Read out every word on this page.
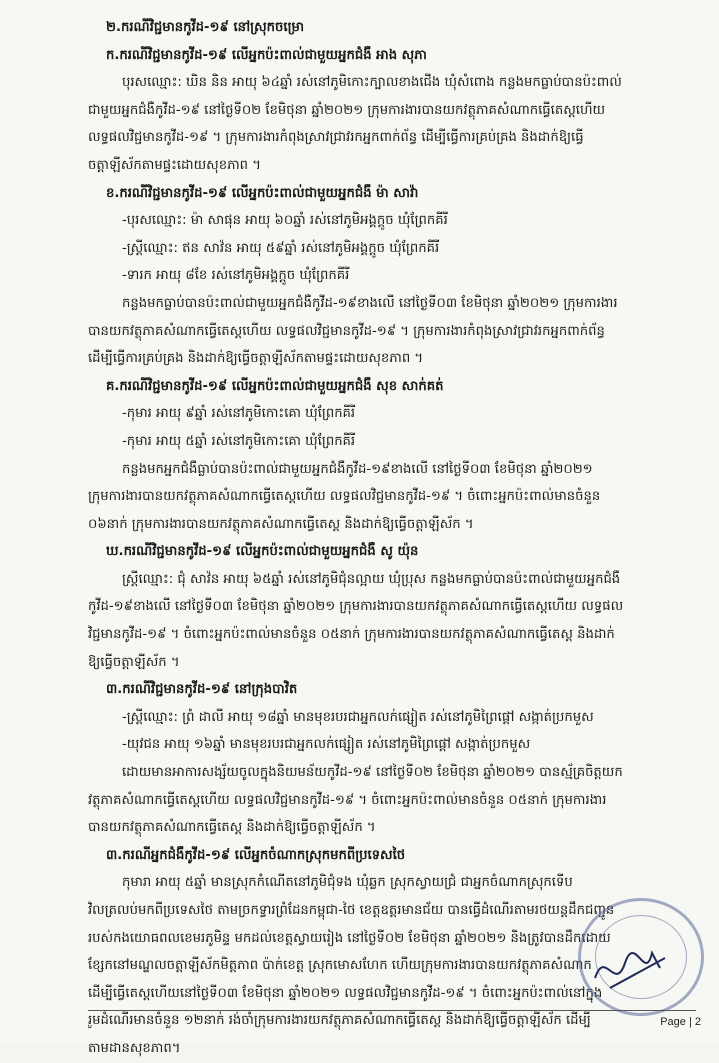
២.ករណីវិជ្ជមានកូវីដ-១៩ នៅស្រុកចម្រោ
ក.ករណីវិជ្ជមានកូវីដ-១៩ លើអ្នកប៉ះពាល់ជាមួយអ្នកជំងឺ អាង សុភា
បុរសឈ្មោះ: ឃិន និន អាយុ ៦៤ឆ្នាំ រស់នៅភូមិកោះក្បាលខាងជើង ឃុំសំពោង កន្លងមកធ្លាប់បានប៉ះពាល់
ជាមួយអ្នកជំងឺកូវីដ-១៩ នៅថ្ងៃទី០២ ខែមិថុនា ឆ្នាំ២០២១ ក្រុមការងារបានយកវត្ថុភាគសំណាកធ្វើតេស្តហើយ
លទ្ធផលវិជ្ជមានកូវីដ-១៩ ។ ក្រុមការងារកំពុងស្រាវជ្រាវរកអ្នកពាក់ព័ន្ធ ដើម្បីធ្វើការគ្រប់គ្រង និងដាក់ឱ្យធ្វើ
ចត្តាឡីស័កតាមផ្ទះដោយសុខភាព ។
ខ.ករណីវិជ្ជមានកូវីដ-១៩ លើអ្នកប៉ះពាល់ជាមួយអ្នកជំងឺ ម៉ា សាវ៉ា
-បុរសឈ្មោះ: ម៉ា សាផុន អាយុ ៦០ឆ្នាំ រស់នៅភូមិអង្គក្ដូច ឃុំព្រែកគីរី
-ស្ត្រីឈ្មោះ: ឥន សាវ៉ន អាយុ ៥៩ឆ្នាំ រស់នៅភូមិអង្គក្ដូច ឃុំព្រែកគីរី
-ទារក អាយុ ៨ខែ រស់នៅភូមិអង្គក្ដូច ឃុំព្រែកគីរី
កន្លងមកធ្លាប់បានប៉ះពាល់ជាមួយអ្នកជំងឺកូវីដ-១៩ខាងលើ នៅថ្ងៃទី០៣ ខែមិថុនា ឆ្នាំ២០២១ ក្រុមការងារ
បានយកវត្ថុភាគសំណាកធ្វើតេស្តហើយ លទ្ធផលវិជ្ជមានកូវីដ-១៩ ។ ក្រុមការងារកំពុងស្រាវជ្រាវរកអ្នកពាក់ព័ន្ធ
ដើម្បីធ្វើការគ្រប់គ្រង និងដាក់ឱ្យធ្វើចត្តាឡីស័កតាមផ្ទះដោយសុខភាព ។
គ.ករណីវិជ្ជមានកូវីដ-១៩ លើអ្នកប៉ះពាល់ជាមួយអ្នកជំងឺ សុខ សាក់គត់
-កុមារ អាយុ ៩ឆ្នាំ រស់នៅភូមិកោះគោ ឃុំព្រែកគីរី
-កុមារ អាយុ ៥ឆ្នាំ រស់នៅភូមិកោះគោ ឃុំព្រែកគីរី
កន្លងមកអ្នកជំងឺធ្លាប់បានប៉ះពាល់ជាមួយអ្នកជំងឺកូវីដ-១៩ខាងលើ នៅថ្ងៃទី០៣ ខែមិថុនា ឆ្នាំ២០២១
ក្រុមការងារបានយកវត្ថុភាគសំណាកធ្វើតេស្តហើយ លទ្ធផលវិជ្ជមានកូវីដ-១៩ ។ ចំពោះអ្នកប៉ះពាល់មានចំនួន
០៦នាក់ ក្រុមការងារបានយកវត្ថុភាគសំណាកធ្វើតេស្ត និងដាក់ឱ្យធ្វើចត្តាឡីស័ក ។
ឃ.ករណីវិជ្ជមានកូវីដ-១៩ លើអ្នកប៉ះពាល់ជាមួយអ្នកជំងឺ សូ យ៉ុន
ស្ត្រីឈ្មោះ: ជុំ សាវ៉ន អាយុ ៦៥ឆ្នាំ រស់នៅភូមិជុំនល្អាយ ឃុំប្រុស កន្លងមកធ្លាប់បានប៉ះពាល់ជាមួយអ្នកជំងឺ
កូវីដ-១៩ខាងលើ នៅថ្ងៃទី០៣ ខែមិថុនា ឆ្នាំ២០២១ ក្រុមការងារបានយកវត្ថុភាគសំណាកធ្វើតេស្តហើយ លទ្ធផល
វិជ្ជមានកូវីដ-១៩ ។ ចំពោះអ្នកប៉ះពាល់មានចំនួន ០៥នាក់ ក្រុមការងារបានយកវត្ថុភាគសំណាកធ្វើតេស្ត និងដាក់
ឱ្យធ្វើចត្តាឡីស័ក ។
៣.ករណីវិជ្ជមានកូវីដ-១៩ នៅក្រុងបាវិត
-ស្ត្រីឈ្មោះ: ព្រំ ដាលី អាយុ ១៨ឆ្នាំ មានមុខរបរជាអ្នកលក់ផ្សៀត រស់នៅភូមិព្រៃផ្ដៅ សង្កាត់ប្រកមួស
-យុវជន អាយុ ១៦ឆ្នាំ មានមុខរបរជាអ្នកលក់ផ្សៀត រស់នៅភូមិព្រៃផ្ដៅ សង្កាត់ប្រកមួស
ដោយមានអាការសង្ស័យចូលក្នុងនិយមន័យកូវីដ-១៩ នៅថ្ងៃទី០២ ខែមិថុនា ឆ្នាំ២០២១ បានស្ម័គ្រចិត្តយក
វត្ថុភាគសំណាកធ្វើតេស្តហើយ លទ្ធផលវិជ្ជមានកូវីដ-១៩ ។ ចំពោះអ្នកប៉ះពាល់មានចំនួន ០៥នាក់ ក្រុមការងារ
បានយកវត្ថុភាគសំណាកធ្វើតេស្ត និងដាក់ឱ្យធ្វើចត្តាឡីស័ក ។
៣.ករណីអ្នកជំងឺកូវីដ-១៩ លើអ្នកចំណាកស្រុកមកពីប្រទេសថៃ
កុមារា អាយុ ៥ឆ្នាំ មានស្រុកកំណើតនៅភូមិជុំទង ឃុំឆ្លក ស្រុកស្វាយជ្រំ ជាអ្នកចំណាកស្រុកទើប
វិលត្រលប់មកពីប្រទេសថៃ តាមច្រកទ្វារព្រំដែនកម្ពុជា-ថៃ ខេត្តឧត្ដរមានជ័យ បានធ្វើដំណើរតាមរថយន្តដឹកជញ្ជូន
របស់កងយោធពលខេមរភូមិន្ទ មកដល់ខេត្តស្វាយរៀង នៅថ្ងៃទី០២ ខែមិថុនា ឆ្នាំ២០២១ និងត្រូវបានដឹកដោយ
ខ្សែកនៅមណ្ឌលចត្តាឡីស័កមិត្តភាព ប៉ាក់ខេត្ត ស្រុកមោសហែក ហើយក្រុមការងារបានយកវត្ថុភាគសំណាក
ដើម្បីធ្វើតេស្តហើយនៅថ្ងៃទី០៣ ខែមិថុនា ឆ្នាំ២០២១ លទ្ធផលវិជ្ជមានកូវីដ-១៩ ។ ចំពោះអ្នកប៉ះពាល់នៅក្នុង
រួមដំណើរមានចំនួន ១២នាក់ រង់ចាំក្រុមការងារយកវត្ថុភាគសំណាកធ្វើតេស្ត និងដាក់ឱ្យធ្វើចត្តាឡីស័ក ដើម្បី
តាមដានសុខភាព។
Page | 2
